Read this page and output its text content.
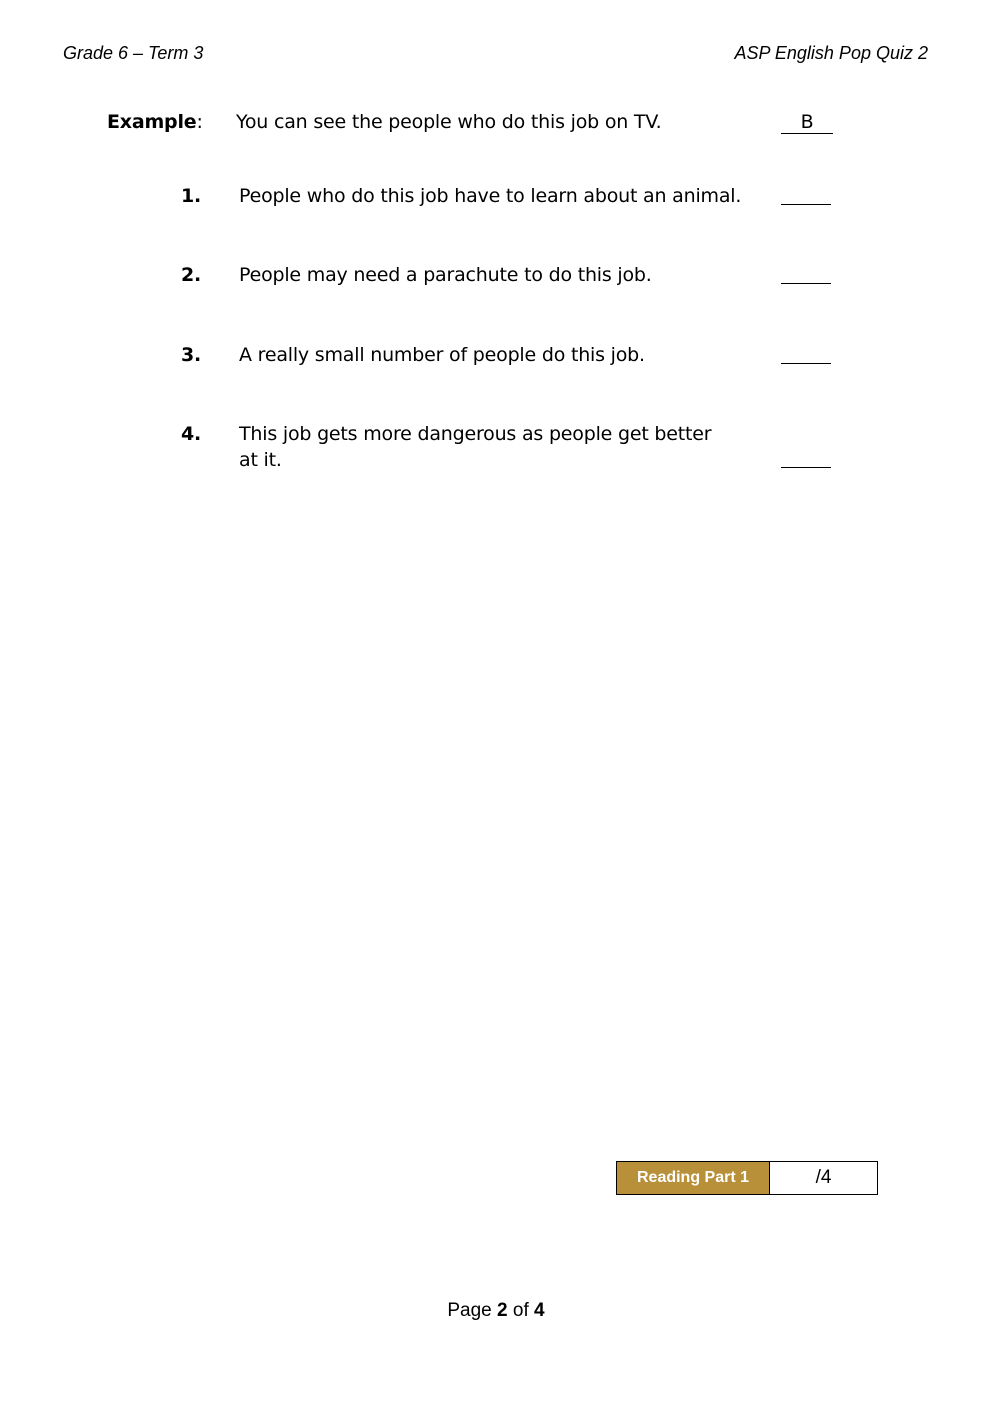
Grade 6 – Term 3	ASP English Pop Quiz 2
Example: You can see the people who do this job on TV.	B
1. People who do this job have to learn about an animal.
2. People may need a parachute to do this job.
3. A really small number of people do this job.
4. This job gets more dangerous as people get better
at it.
Reading Part 1	/4
Page 2 of 4
